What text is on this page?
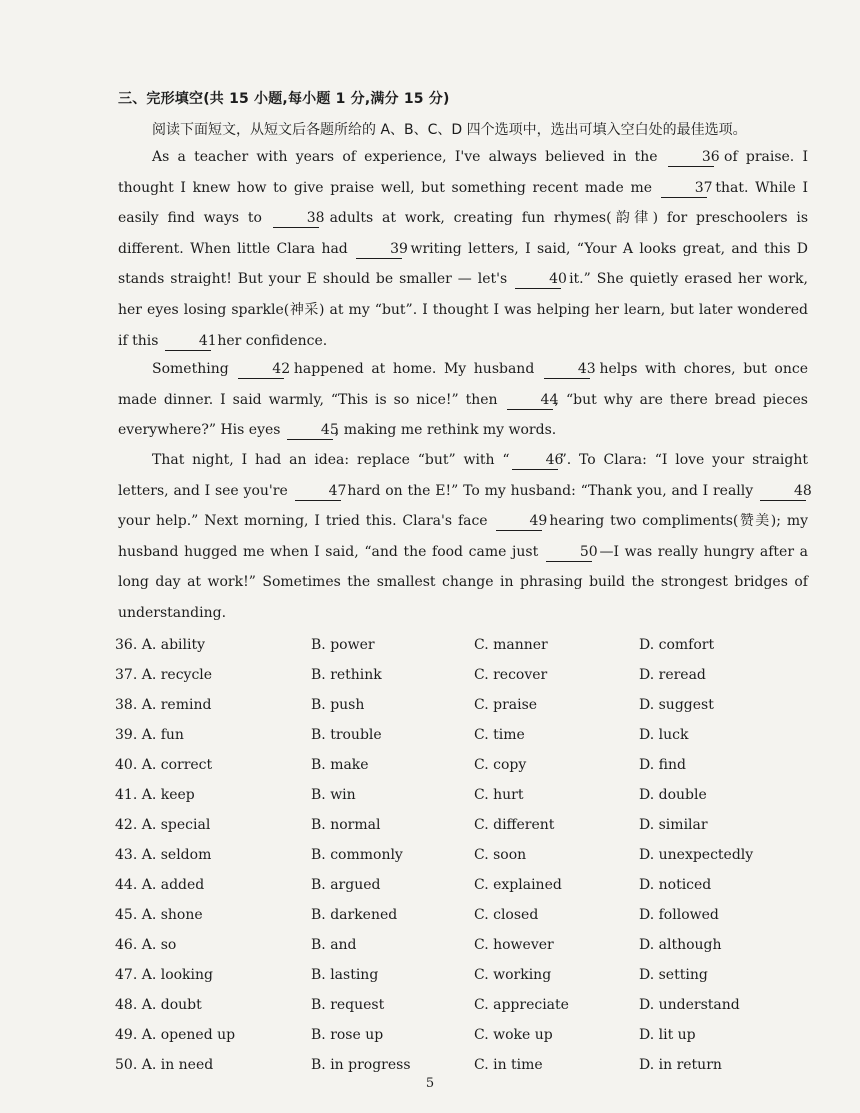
三、完形填空(共 15 小题,每小题 1 分,满分 15 分)
阅读下面短文，从短文后各题所给的 A、B、C、D 四个选项中，选出可填入空白处的最佳选项。

As a teacher with years of experience, I've always believed in the	36 of praise. I thought I knew how to give praise well, but something recent made me	37 that. While I easily find ways to	38 adults at work, creating fun rhymes(韵律) for preschoolers is different. When little Clara had	39 writing letters, I said, “Your A looks great, and this D stands straight! But your E should be smaller — let's	40 it.” She quietly erased her work, her eyes losing sparkle(神采) at my “but”. I thought I was helping her learn, but later wondered if this	41 her confidence.

Something	42 happened at home. My husband	43 helps with chores, but once made dinner. I said warmly, “This is so nice!” then	44, “but why are there bread pieces everywhere?” His eyes	45, making me rethink my words.

That night, I had an idea: replace “but” with “	46”. To Clara: “I love your straight letters, and I see you're	47 hard on the E!” To my husband: “Thank you, and I really	48 your help.” Next morning, I tried this. Clara's face	49 hearing two compliments(赞美); my husband hugged me when I said, “and the food came just	50 —I was really hungry after a long day at work!” Sometimes the smallest change in phrasing build the strongest bridges of understanding.

36. A. ability	B. power	C. manner	D. comfort
37. A. recycle	B. rethink	C. recover	D. reread
38. A. remind	B. push	C. praise	D. suggest
39. A. fun	B. trouble	C. time	D. luck
40. A. correct	B. make	C. copy	D. find
41. A. keep	B. win	C. hurt	D. double
42. A. special	B. normal	C. different	D. similar
43. A. seldom	B. commonly	C. soon	D. unexpectedly
44. A. added	B. argued	C. explained	D. noticed
45. A. shone	B. darkened	C. closed	D. followed
46. A. so	B. and	C. however	D. although
47. A. looking	B. lasting	C. working	D. setting
48. A. doubt	B. request	C. appreciate	D. understand
49. A. opened up	B. rose up	C. woke up	D. lit up
50. A. in need	B. in progress	C. in time	D. in return
5
